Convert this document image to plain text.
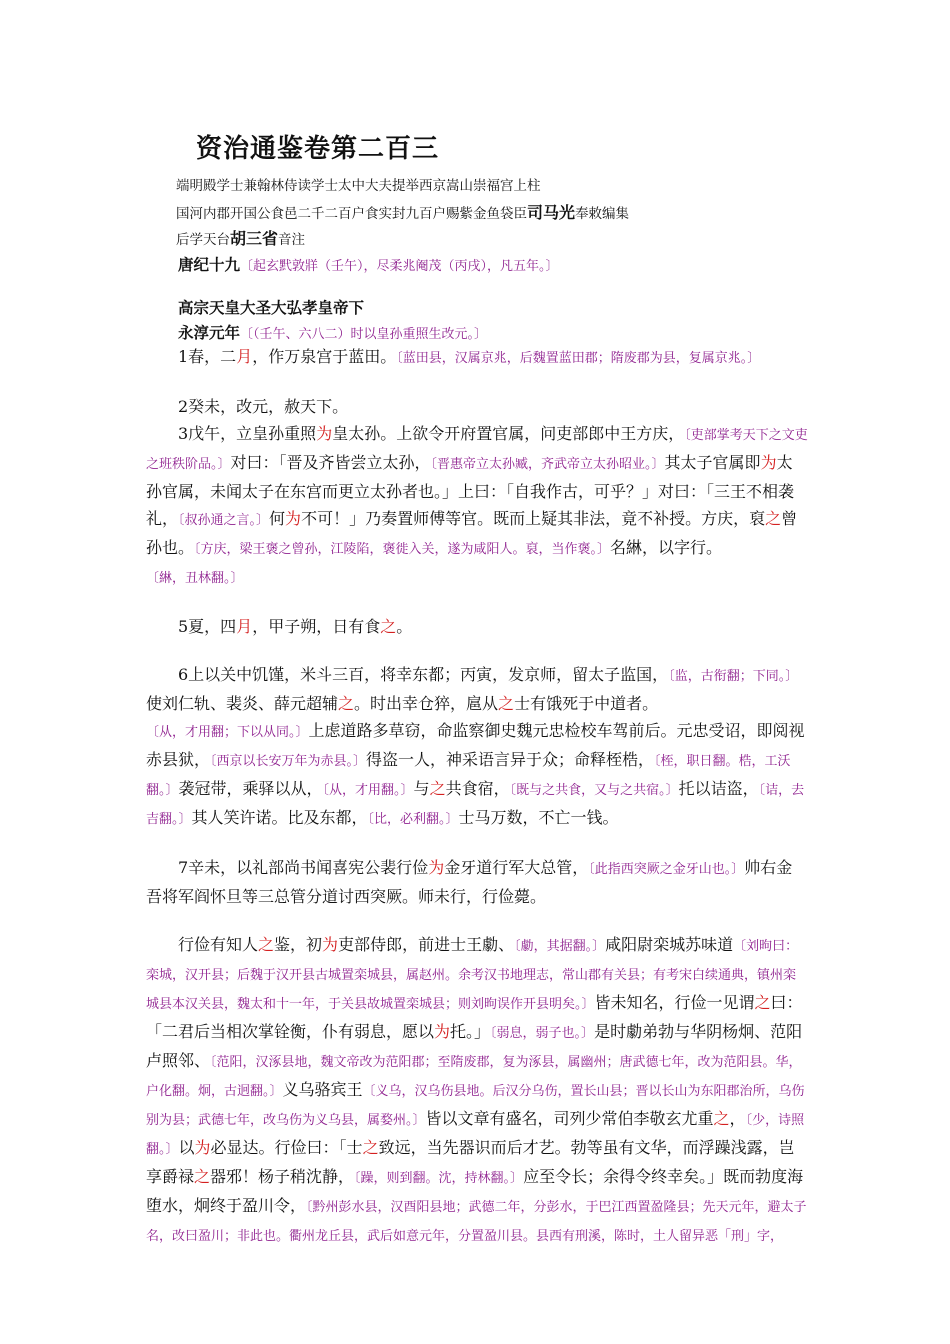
资治通鉴卷第二百三
端明殿学士兼翰林侍读学士太中大夫提举西京嵩山崇福宫上柱
国河内郡开国公食邑二千二百户食实封九百户赐紫金鱼袋臣司马光奉敕编集
后学天台胡三省音注
唐纪十九〔起玄黓敦牂（壬午），尽柔兆阉茂（丙戌），凡五年。〕
高宗天皇大圣大弘孝皇帝下
永淳元年〔（壬午、六八二）时以皇孙重照生改元。〕

1春，二月，作万泉宫于蓝田。〔蓝田县，汉属京兆，后魏置蓝田郡；隋废郡为县，复属京兆。〕

2癸未，改元，赦天下。

3戊午，立皇孙重照为皇太孙。上欲令开府置官属，问吏部郎中王方庆，〔吏部掌考天下之文吏之班秩阶品。〕对曰：「晋及齐皆尝立太孙，〔晋惠帝立太孙臧，齐武帝立太孙昭业。〕其太子官属即为太孙官属，未闻太子在东宫而更立太孙者也。」上曰：「自我作古，可乎？」对曰：「三王不相袭礼，〔叔孙通之言。〕何为不可！」乃奏置师傅等官。既而上疑其非法，竟不补授。方庆，裒之曾孙也。〔方庆，梁王褒之曾孙，江陵陷，褒徙入关，遂为咸阳人。裒，当作褒。〕名綝，以字行。〔綝，丑林翻。〕

5夏，四月，甲子朔，日有食之。

6上以关中饥馑，米斗三百，将幸东都；丙寅，发京师，留太子监国，〔监，古衔翻；下同。〕使刘仁轨、裴炎、薛元超辅之。时出幸仓猝，扈从之士有饿死于中道者。〔从，才用翻；下以从同。〕上虑道路多草窃，命监察御史魏元忠检校车驾前后。元忠受诏，即阅视赤县狱，〔西京以长安万年为赤县。〕得盗一人，神采语言异于众；命释桎梏，〔桎，职日翻。梏，工沃翻。〕袭冠带，乘驿以从，〔从，才用翻。〕与之共食宿，〔既与之共食，又与之共宿。〕托以诘盗，〔诘，去吉翻。〕其人笑许诺。比及东都，〔比，必利翻。〕士马万数，不亡一钱。

7辛未，以礼部尚书闻喜宪公裴行俭为金牙道行军大总管，〔此指西突厥之金牙山也。〕帅右金吾将军阎怀旦等三总管分道讨西突厥。师未行，行俭薨。

行俭有知人之鉴，初为吏部侍郎，前进士王勮、〔勮，其据翻。〕咸阳尉栾城苏味道〔刘昫曰：栾城，汉开县；后魏于汉开县古城置栾城县，属赵州。余考汉书地理志，常山郡有关县；有考宋白续通典，镇州栾城县本汉关县，魏太和十一年，于关县故城置栾城县；则刘昫误作开县明矣。〕皆未知名，行俭一见谓之曰：「二君后当相次掌铨衡，仆有弱息，愿以为托。」〔弱息，弱子也。〕是时勮弟勃与华阴杨炯、范阳卢照邻、〔范阳，汉涿县地，魏文帝改为范阳郡；至隋废郡，复为涿县，属幽州；唐武德七年，改为范阳县。华，户化翻。炯，古迥翻。〕义乌骆宾王〔义乌，汉乌伤县地。后汉分乌伤，置长山县；晋以长山为东阳郡治所，乌伤别为县；武德七年，改乌伤为义乌县，属婺州。〕皆以文章有盛名，司列少常伯李敬玄尤重之，〔少，诗照翻。〕以为必显达。行俭曰：「士之致远，当先器识而后才艺。勃等虽有文华，而浮躁浅露，岂享爵禄之器邪！杨子稍沈静，〔躁，则到翻。沈，持林翻。〕应至令长；余得令终幸矣。」既而勃度海堕水，炯终于盈川令，〔黔州彭水县，汉酉阳县地；武德二年，分彭水，于巴江西置盈隆县；先天元年，避太子名，改曰盈川；非此也。衢州龙丘县，武后如意元年，分置盈川县。县西有刑溪，陈时，土人留异恶「刑」字，
